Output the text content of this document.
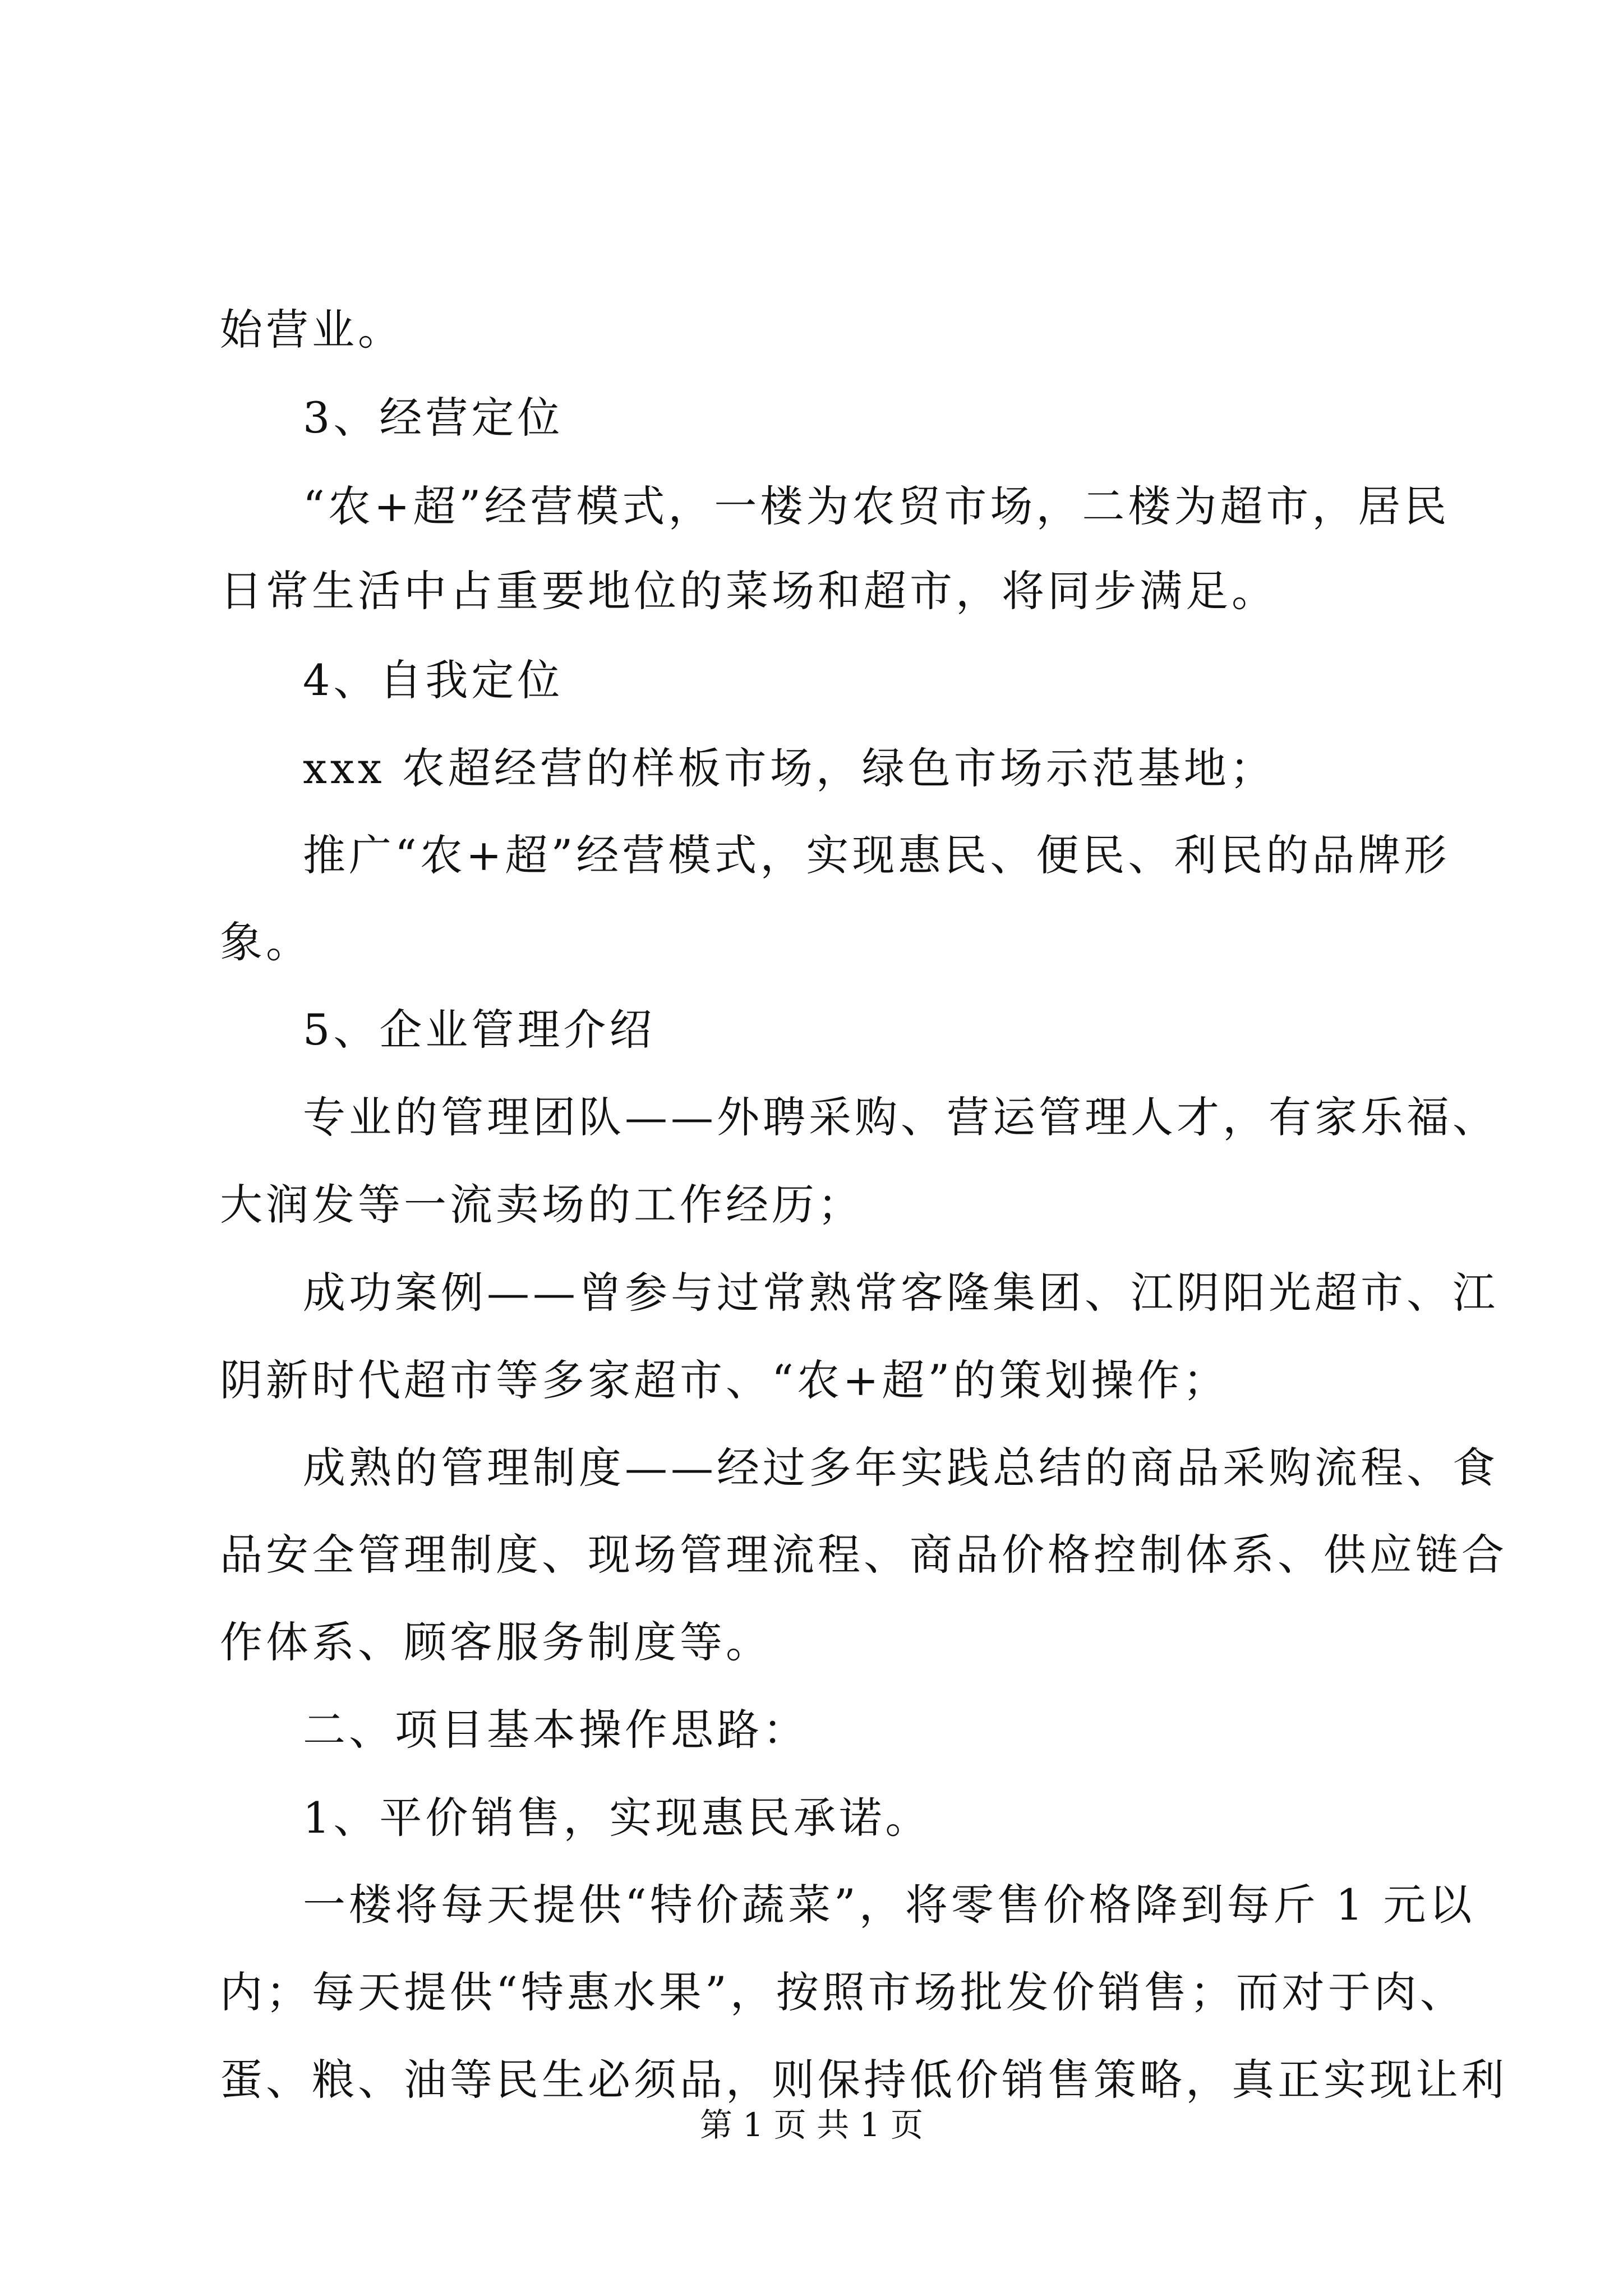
始营业。
3、经营定位
“农+超”经营模式，一楼为农贸市场，二楼为超市，居民
日常生活中占重要地位的菜场和超市，将同步满足。
4、自我定位
xxx 农超经营的样板市场，绿色市场示范基地；
推广“农+超”经营模式，实现惠民、便民、利民的品牌形
象。
5、企业管理介绍
专业的管理团队——外聘采购、营运管理人才，有家乐福、
大润发等一流卖场的工作经历；
成功案例——曾参与过常熟常客隆集团、江阴阳光超市、江
阴新时代超市等多家超市、“农+超”的策划操作；
成熟的管理制度——经过多年实践总结的商品采购流程、食
品安全管理制度、现场管理流程、商品价格控制体系、供应链合
作体系、顾客服务制度等。
二、项目基本操作思路：
1、平价销售，实现惠民承诺。
一楼将每天提供“特价蔬菜”，将零售价格降到每斤 1 元以
内；每天提供“特惠水果”，按照市场批发价销售；而对于肉、
蛋、粮、油等民生必须品，则保持低价销售策略，真正实现让利
第 1 页 共 1 页
